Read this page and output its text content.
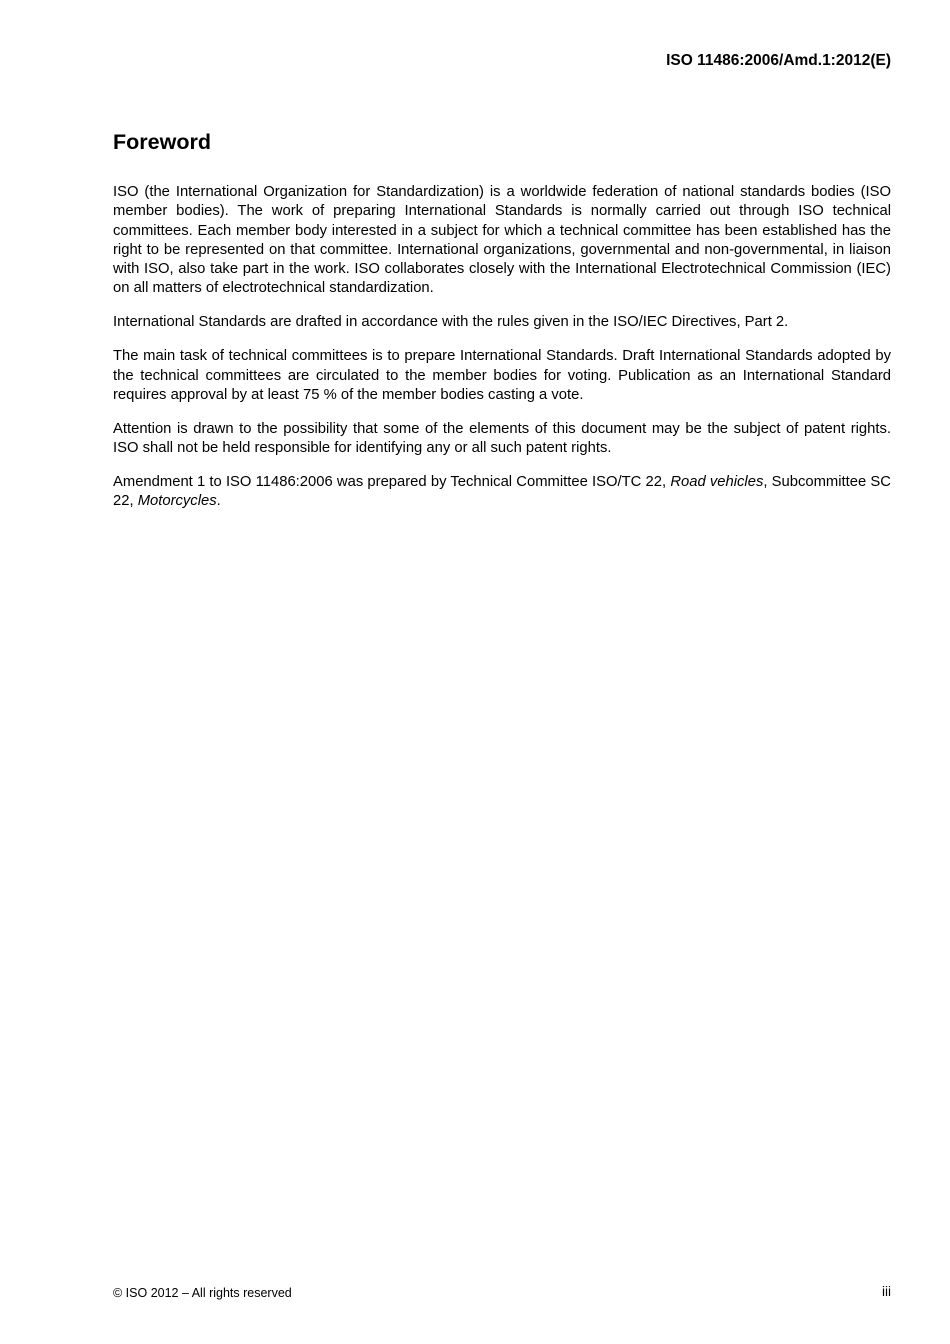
ISO 11486:2006/Amd.1:2012(E)

Foreword

ISO (the International Organization for Standardization) is a worldwide federation of national standards bodies (ISO member bodies). The work of preparing International Standards is normally carried out through ISO technical committees. Each member body interested in a subject for which a technical committee has been established has the right to be represented on that committee. International organizations, governmental and non-governmental, in liaison with ISO, also take part in the work. ISO collaborates closely with the International Electrotechnical Commission (IEC) on all matters of electrotechnical standardization.

International Standards are drafted in accordance with the rules given in the ISO/IEC Directives, Part 2.

The main task of technical committees is to prepare International Standards. Draft International Standards adopted by the technical committees are circulated to the member bodies for voting. Publication as an International Standard requires approval by at least 75 % of the member bodies casting a vote.

Attention is drawn to the possibility that some of the elements of this document may be the subject of patent rights. ISO shall not be held responsible for identifying any or all such patent rights.

Amendment 1 to ISO 11486:2006 was prepared by Technical Committee ISO/TC 22, Road vehicles, Subcommittee SC 22, Motorcycles.

© ISO 2012 – All rights reserved	iii
